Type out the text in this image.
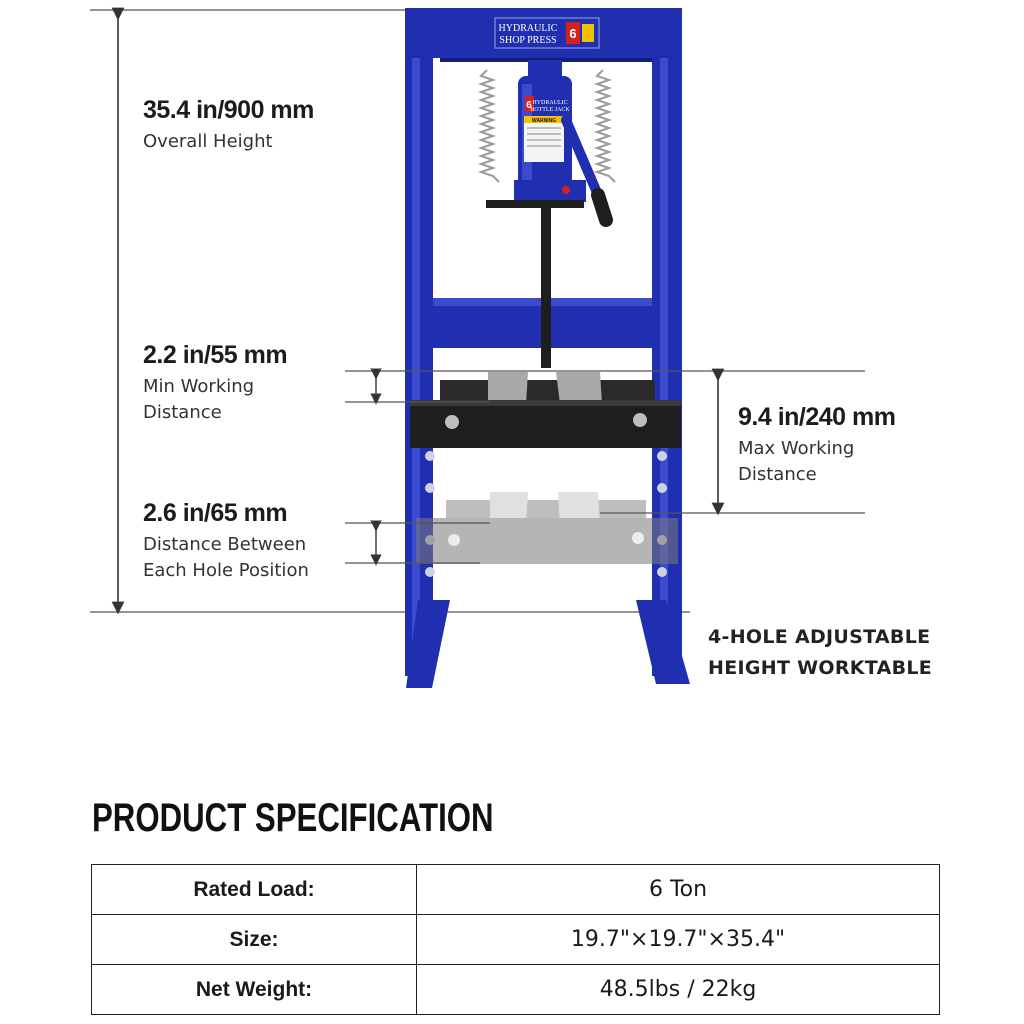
HYDRAULIC
SHOP PRESS 6
6 HYDRAULIC
BOTTLE JACK
WARNING
35.4 in/900 mm
Overall Height
2.2 in/55 mm
Min Working
Distance	9.4 in/240 mm
Max Working
Distance
2.6 in/65 mm
Distance Between
Each Hole Position
4-HOLE ADJUSTABLE
HEIGHT WORKTABLE
PRODUCT SPECIFICATION
Rated Load:	6 Ton
Size:	19.7"×19.7"×35.4"
Net Weight:	48.5lbs / 22kg
